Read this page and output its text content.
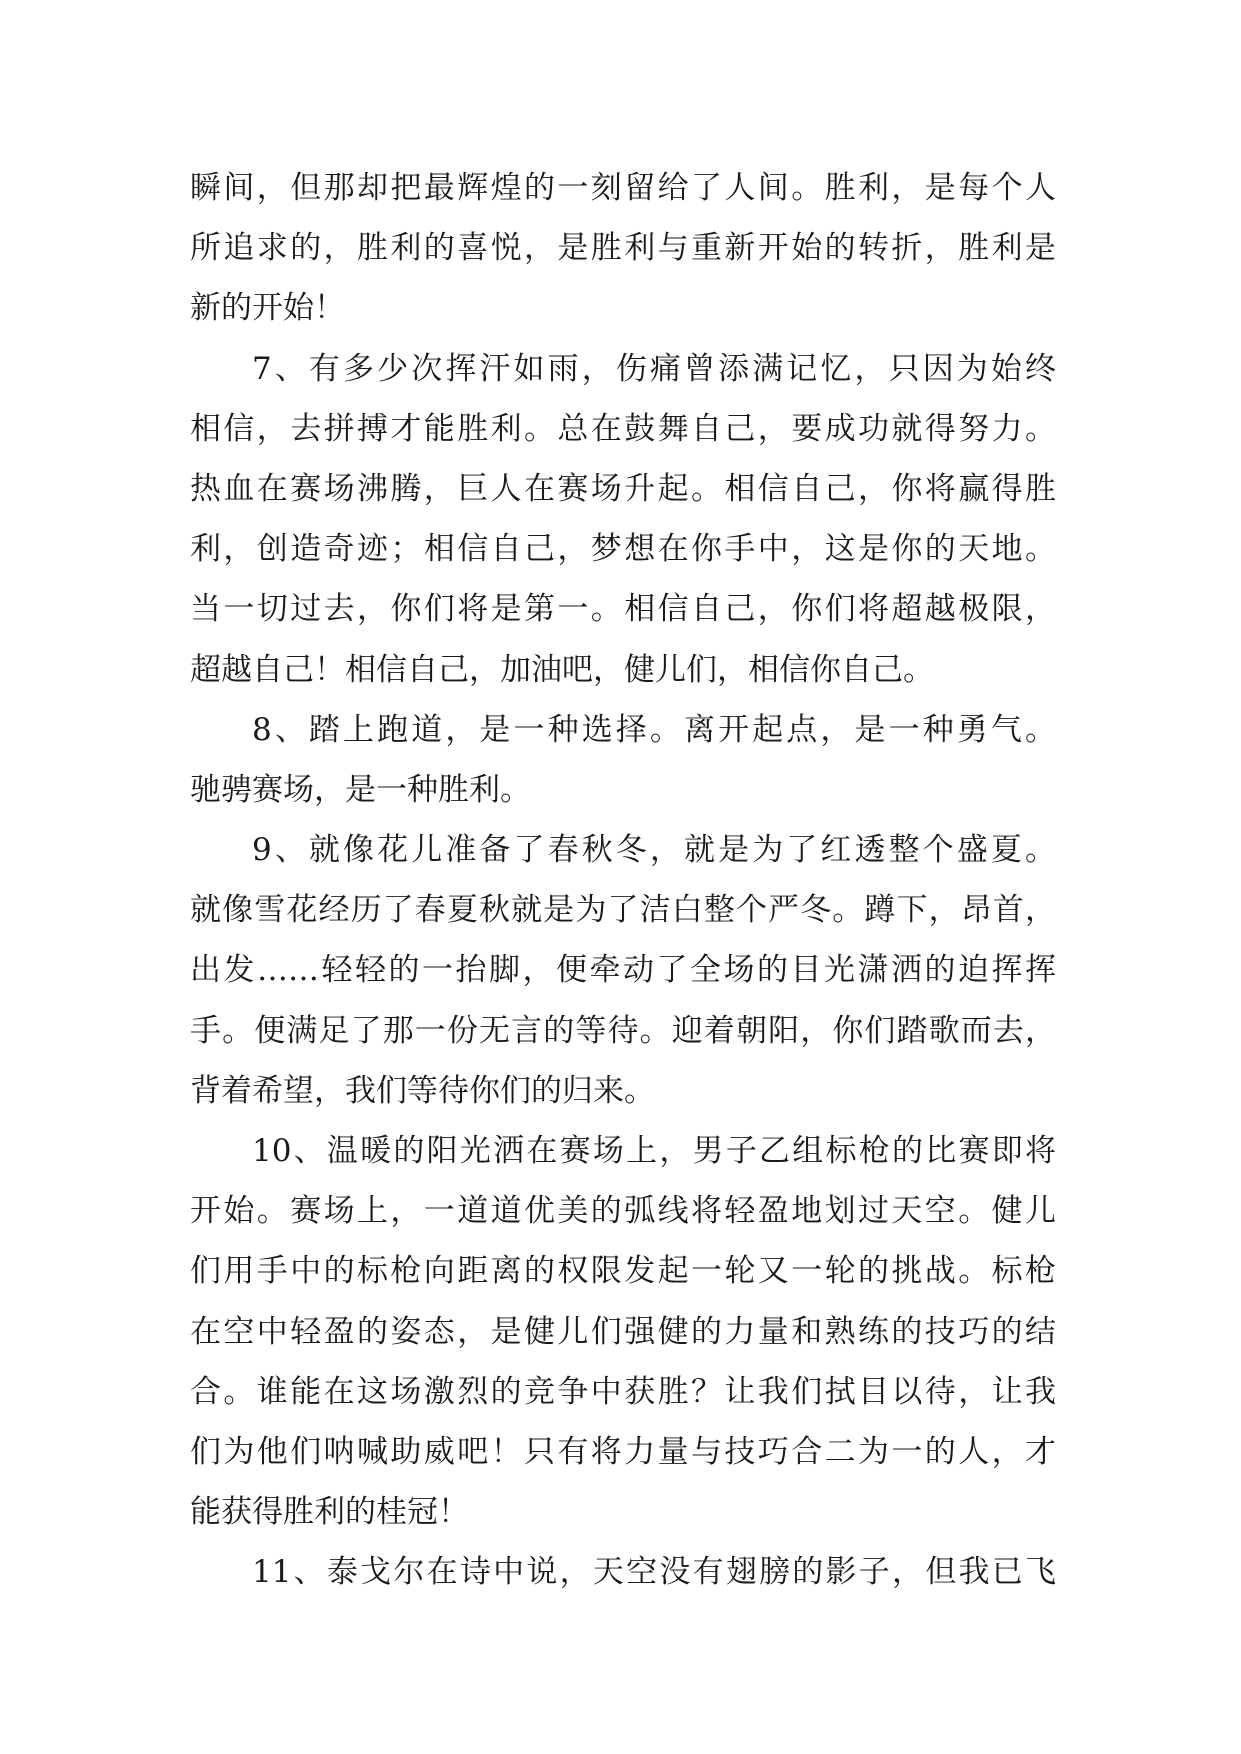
瞬间，但那却把最辉煌的一刻留给了人间。胜利，是每个人
所追求的，胜利的喜悦，是胜利与重新开始的转折，胜利是
新的开始！
7、有多少次挥汗如雨，伤痛曾添满记忆，只因为始终
相信，去拼搏才能胜利。总在鼓舞自己，要成功就得努力。
热血在赛场沸腾，巨人在赛场升起。相信自己，你将赢得胜
利，创造奇迹；相信自己，梦想在你手中，这是你的天地。
当一切过去，你们将是第一。相信自己，你们将超越极限，
超越自己！相信自己，加油吧，健儿们，相信你自己。
8、踏上跑道，是一种选择。离开起点，是一种勇气。
驰骋赛场，是一种胜利。
9、就像花儿准备了春秋冬，就是为了红透整个盛夏。
就像雪花经历了春夏秋就是为了洁白整个严冬。蹲下，昂首，
出发……轻轻的一抬脚，便牵动了全场的目光潇洒的迫挥挥
手。便满足了那一份无言的等待。迎着朝阳，你们踏歌而去，
背着希望，我们等待你们的归来。
10、温暖的阳光洒在赛场上，男子乙组标枪的比赛即将
开始。赛场上，一道道优美的弧线将轻盈地划过天空。健儿
们用手中的标枪向距离的权限发起一轮又一轮的挑战。标枪
在空中轻盈的姿态，是健儿们强健的力量和熟练的技巧的结
合。谁能在这场激烈的竞争中获胜？让我们拭目以待，让我
们为他们呐喊助威吧！只有将力量与技巧合二为一的人，才
能获得胜利的桂冠！
11、泰戈尔在诗中说，天空没有翅膀的影子，但我已飞
